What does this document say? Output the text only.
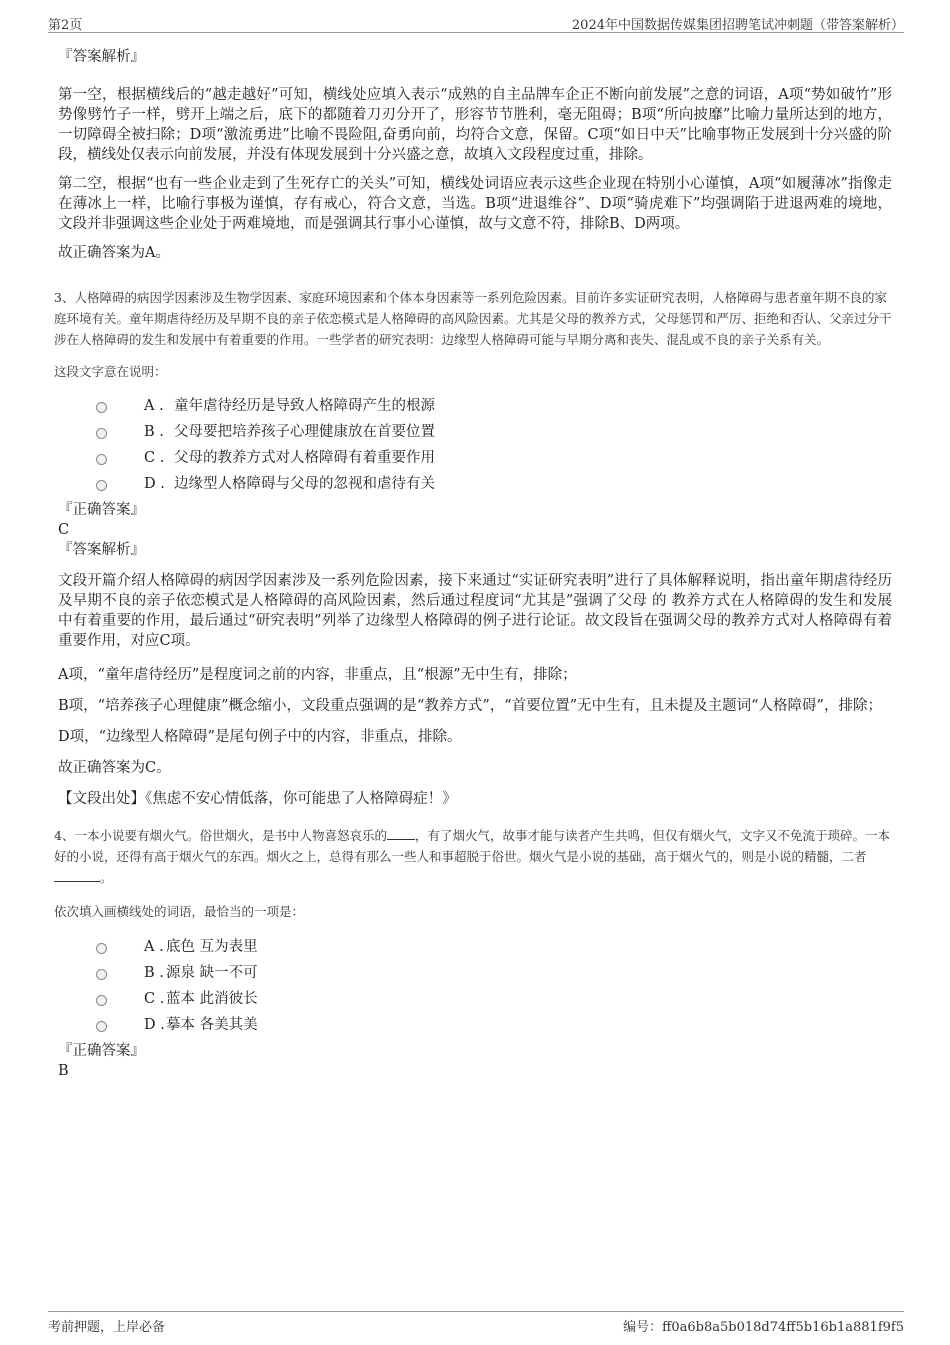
第2页	2024年中国数据传媒集团招聘笔试冲刺题（带答案解析）
『答案解析』

第一空，根据横线后的“越走越好”可知，横线处应填入表示“成熟的自主品牌车企正不断向前发展”之意的词语，A项“势如破竹”形势像劈竹子一样，劈开上端之后，底下的都随着刀刃分开了，形容节节胜利，毫无阻碍；B项“所向披靡”比喻力量所达到的地方，一切障碍全被扫除；D项“激流勇进”比喻不畏险阻,奋勇向前，均符合文意，保留。C项“如日中天”比喻事物正发展到十分兴盛的阶段，横线处仅表示向前发展，并没有体现发展到十分兴盛之意，故填入文段程度过重，排除。

第二空，根据“也有一些企业走到了生死存亡的关头”可知，横线处词语应表示这些企业现在特别小心谨慎，A项“如履薄冰”指像走在薄冰上一样，比喻行事极为谨慎，存有戒心，符合文意，当选。B项“进退维谷”、D项“骑虎难下”均强调陷于进退两难的境地，文段并非强调这些企业处于两难境地，而是强调其行事小心谨慎，故与文意不符，排除B、D两项。

故正确答案为A。

3、人格障碍的病因学因素涉及生物学因素、家庭环境因素和个体本身因素等一系列危险因素。目前许多实证研究表明，人格障碍与患者童年期不良的家庭环境有关。童年期虐待经历及早期不良的亲子依恋模式是人格障碍的高风险因素。尤其是父母的教养方式，父母惩罚和严厉、拒绝和否认、父亲过分干涉在人格障碍的发生和发展中有着重要的作用。一些学者的研究表明：边缘型人格障碍可能与早期分离和丧失、混乱或不良的亲子关系有关。

这段文字意在说明：

A . 童年虐待经历是导致人格障碍产生的根源
B . 父母要把培养孩子心理健康放在首要位置
C . 父母的教养方式对人格障碍有着重要作用
D . 边缘型人格障碍与父母的忽视和虐待有关
『正确答案』

C

『答案解析』

文段开篇介绍人格障碍的病因学因素涉及一系列危险因素，接下来通过“实证研究表明”进行了具体解释说明，指出童年期虐待经历及早期不良的亲子依恋模式是人格障碍的高风险因素，然后通过程度词“尤其是”强调了父母 的 教养方式在人格障碍的发生和发展中有着重要的作用，最后通过“研究表明”列举了边缘型人格障碍的例子进行论证。故文段旨在强调父母的教养方式对人格障碍有着重要作用，对应C项。

A项，“童年虐待经历”是程度词之前的内容，非重点，且“根源”无中生有，排除；

B项，“培养孩子心理健康”概念缩小，文段重点强调的是“教养方式”，“首要位置”无中生有，且未提及主题词“人格障碍”，排除；

D项，“边缘型人格障碍”是尾句例子中的内容，非重点，排除。

故正确答案为C。

【文段出处】《焦虑不安心情低落，你可能患了人格障碍症！》

4、一本小说要有烟火气。俗世烟火，是书中人物喜怒哀乐的 ，有了烟火气，故事才能与读者产生共鸣，但仅有烟火气，文字又不免流于琐碎。一本好的小说，还得有高于烟火气的东西。烟火之上，总得有那么一些人和事超脱于俗世。烟火气是小说的基础，高于烟火气的，则是小说的精髓，二者。

依次填入画横线处的词语，最恰当的一项是：

A . 底色 互为表里
B . 源泉 缺一不可
C . 蓝本 此消彼长
D .摹本 各美其美
『正确答案』

B

考前押题，上岸必备	编号：ff0a6b8a5b018d74ff5b16b1a881f9f5
